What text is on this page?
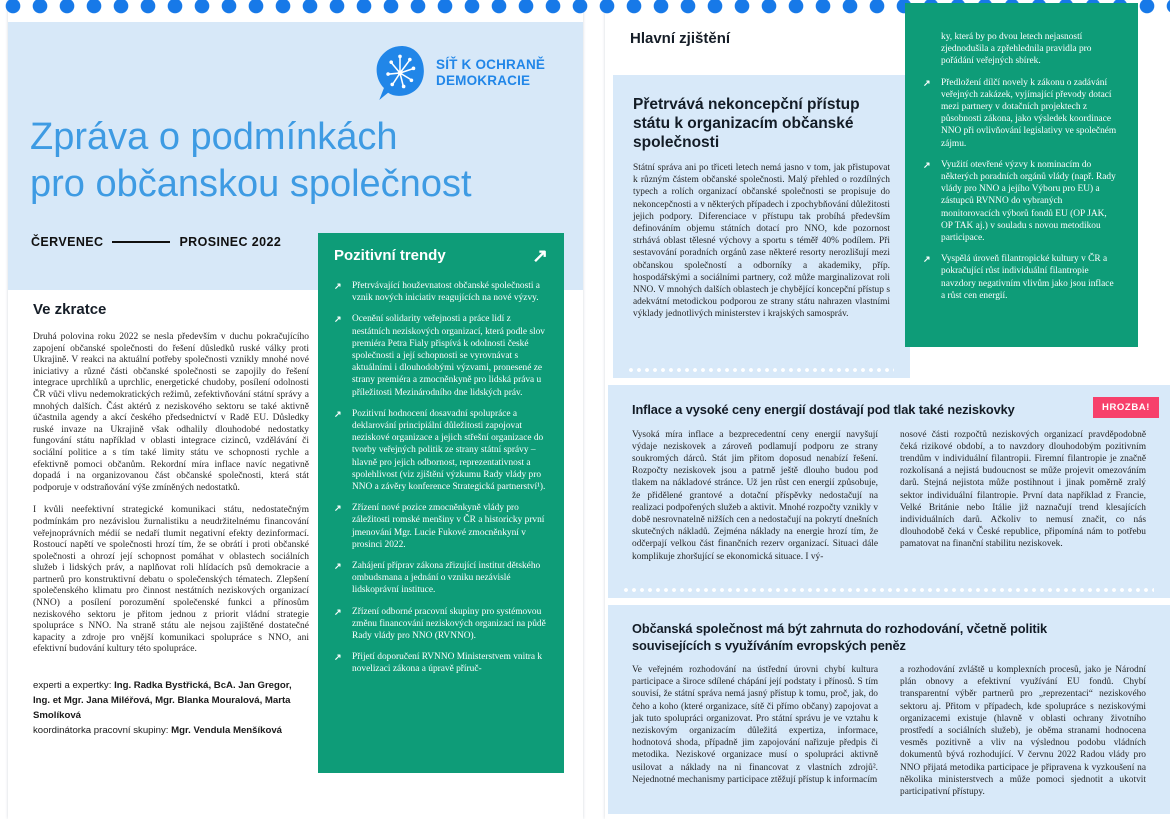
SÍŤ K OCHRANĚ
DEMOKRACIE
Zpráva o podmínkách
pro občanskou společnost
ČERVENEC	PROSINEC 2022
Ve zkratce

Druhá polovina roku 2022 se nesla především v duchu pokračujícího zapojení občanské společnosti do řešení důsledků ruské války proti Ukrajině. V reakci na aktuální potřeby společnosti vznikly mnohé nové iniciativy a různé části občanské společnosti se zapojily do řešení integrace uprchlíků a uprchlic, energetické chudoby, posílení odolnosti ČR vůči vlivu nedemokratických režimů, zefektivňování státní správy a mnohých dalších. Část aktérů z neziskového sektoru se také aktivně účastnila agendy a akcí českého předsednictví v Radě EU. Důsledky ruské invaze na Ukrajině však odhalily dlouhodobé nedostatky fungování státu například v oblasti integrace cizinců, vzdělávání či sociální politice a s tím také limity státu ve schopnosti rychle a efektivně pomoci občanům. Rekordní míra inflace navíc negativně dopadá i na organizovanou část občanské společnosti, která stát podporuje v odstraňování výše zmíněných nedostatků.

I kvůli neefektivní strategické komunikaci státu, nedostatečným podmínkám pro nezávislou žurnalistiku a neudržitelnému financování veřejnoprávních médií se nedaří tlumit negativní efekty dezinformací. Rostoucí napětí ve společnosti hrozí tím, že se obrátí i proti občanské společnosti a ohrozí její schopnost pomáhat v oblastech sociálních služeb i lidských práv, a naplňovat roli hlídacích psů demokracie a partnerů pro konstruktivní debatu o společenských tématech. Zlepšení společenského klimatu pro činnost nestátních neziskových organizací (NNO) a posílení porozumění společenské funkci a přínosům neziskového sektoru je přitom jednou z priorit vládní strategie spolupráce s NNO. Na straně státu ale nejsou zajištěné dostatečné kapacity a zdroje pro vnější komunikaci spolupráce s NNO, ani efektivní budování kultury této spolupráce.

experti a expertky: Ing. Radka Bystřická, BcA. Jan Gregor, Ing. et Mgr. Jana Miléřová, Mgr. Blanka Mouralová, Marta Smolíková

koordinátorka pracovní skupiny: Mgr. Vendula Menšíková

Pozitivní trendy	↗
↗ Přetrvávající houževnatost občanské společnosti a vznik nových iniciativ reagujících na nové výzvy.
↗ Ocenění solidarity veřejnosti a práce lidí z nestátních neziskových organizací, která podle slov premiéra Petra Fialy přispívá k odolnosti české společnosti a její schopnosti se vyrovnávat s aktuálními i dlouhodobými výzvami, pronesené ze strany premiéra a zmocněnkyně pro lidská práva u příležitosti Mezinárodního dne lidských práv.
↗ Pozitivní hodnocení dosavadní spolupráce a deklarování principiální důležitosti zapojovat neziskové organizace a jejich střešní organizace do tvorby veřejných politik ze strany státní správy – hlavně pro jejich odbornost, reprezentativnost a spolehlivost (viz zjištění výzkumu Rady vlády pro NNO a závěry konference Strategická partnerství¹).
↗ Zřízení nové pozice zmocněnkyně vlády pro záležitosti romské menšiny v ČR a historicky první jmenování Mgr. Lucie Fukové zmocněnkyní v prosinci 2022.
↗ Zahájení příprav zákona zřizující institut dětského ombudsmana a jednání o vzniku nezávislé lidskoprávní instituce.
↗ Zřízení odborné pracovní skupiny pro systémovou změnu financování neziskových organizací na půdě Rady vlády pro NNO (RVNNO).
↗ Přijetí doporučení RVNNO Ministerstvem vnitra k novelizaci zákona a úpravě příruč-
Hlavní zjištění
Přetrvává nekoncepční přístup státu k organizacím občanské společnosti

Státní správa ani po třiceti letech nemá jasno v tom, jak přistupovat k různým částem občanské společnosti. Malý přehled o rozdílných typech a rolích organizací občanské společnosti se propisuje do nekoncepčnosti a v některých případech i zpochybňování důležitosti jejich podpory. Diferenciace v přístupu tak probíhá především definováním objemu státních dotací pro NNO, kde pozornost strhává oblast tělesné výchovy a sportu s téměř 40% podílem. Při sestavování poradních orgánů zase některé resorty nerozlišují mezi občanskou společností a odborníky a akademiky, příp. hospodářskými a sociálními partnery, což může marginalizovat roli NNO. V mnohých dalších oblastech je chybějící koncepční přístup s adekvátní metodickou podporou ze strany státu nahrazen vlastními výklady jednotlivých ministerstev i krajských samospráv.

ky, která by po dvou letech nejasností zjednodušila a zpřehlednila pravidla pro pořádání veřejných sbírek.

↗ Předložení dílčí novely k zákonu o zadávání veřejných zakázek, vyjímající převody dotací mezi partnery v dotačních projektech z působnosti zákona, jako výsledek koordinace NNO při ovlivňování legislativy ve společném zájmu.
↗ Využití otevřené výzvy k nominacím do některých poradních orgánů vlády (např. Rady vlády pro NNO a jejího Výboru pro EU) a zástupců RVNNO do vybraných monitorovacích výborů fondů EU (OP JAK, OP TAK aj.) v souladu s novou metodikou participace.
↗ Vyspělá úroveň filantropické kultury v ČR a pokračující růst individuální filantropie navzdory negativním vlivům jako jsou inflace a růst cen energií.
Inflace a vysoké ceny energií dostávají pod tlak také neziskovky	HROZBA!

Vysoká míra inflace a bezprecedentní ceny energií navyšují výdaje neziskovek a zároveň podlamují podporu ze strany soukromých dárců. Stát jim přitom doposud nenabízí řešení. Rozpočty neziskovek jsou a patrně ještě dlouho budou pod tlakem na nákladové stránce. Už jen růst cen energií způsobuje, že přidělené grantové a dotační příspěvky nedostačují na realizaci podpořených služeb a aktivit. Mnohé rozpočty vznikly v době nesrovnatelně nižších cen a nedostačují na pokrytí dnešních skutečných nákladů. Zejména náklady na energie hrozí tím, že odčerpají velkou část finančních rezerv organizací. Situaci dále komplikuje zhoršující se ekonomická situace. I vý-

nosové části rozpočtů neziskových organizací pravděpodobně čeká rizikové období, a to navzdory dlouhodobým pozitivním trendům v individuální filantropii. Firemní filantropie je značně rozkolísaná a nejistá budoucnost se může projevit omezováním darů. Stejná nejistota může postihnout i jinak poměrně zralý sektor individuální filantropie. První data například z Francie, Velké Británie nebo Itálie již naznačují trend klesajících individuálních darů. Ačkoliv to nemusí značit, co nás dlouhodobě čeká v České republice, připomíná nám to potřebu pamatovat na finanční stabilitu neziskovek.

Občanská společnost má být zahrnuta do rozhodování, včetně politik souvisejících s využíváním evropských peněz

Ve veřejném rozhodování na ústřední úrovni chybí kultura participace a široce sdílené chápání její podstaty i přínosů. S tím souvisí, že státní správa nemá jasný přístup k tomu, proč, jak, do čeho a koho (které organizace, sítě či přímo občany) zapojovat a jak tuto spolupráci organizovat. Pro státní správu je ve vztahu k neziskovým organizacím důležitá expertiza, informace, hodnotová shoda, případně jim zapojování nařizuje předpis či metodika. Neziskové organizace musí o spolupráci aktivně usilovat a náklady na ni financovat z vlastních zdrojů². Nejednotné mechanismy participace ztěžují přístup k informacím

a rozhodování zvláště u komplexních procesů, jako je Národní plán obnovy a efektivní využívání EU fondů. Chybí transparentní výběr partnerů pro „reprezentaci“ neziskového sektoru aj. Přitom v případech, kde spolupráce s neziskovými organizacemi existuje (hlavně v oblasti ochrany životního prostředí a sociálních služeb), je oběma stranami hodnocena vesměs pozitivně a vliv na výslednou podobu vládních dokumentů bývá rozhodující. V červnu 2022 Radou vlády pro NNO přijatá metodika participace je připravena k vyzkoušení na několika ministerstvech a může pomoci sjednotit a ukotvit participativní přístupy.
